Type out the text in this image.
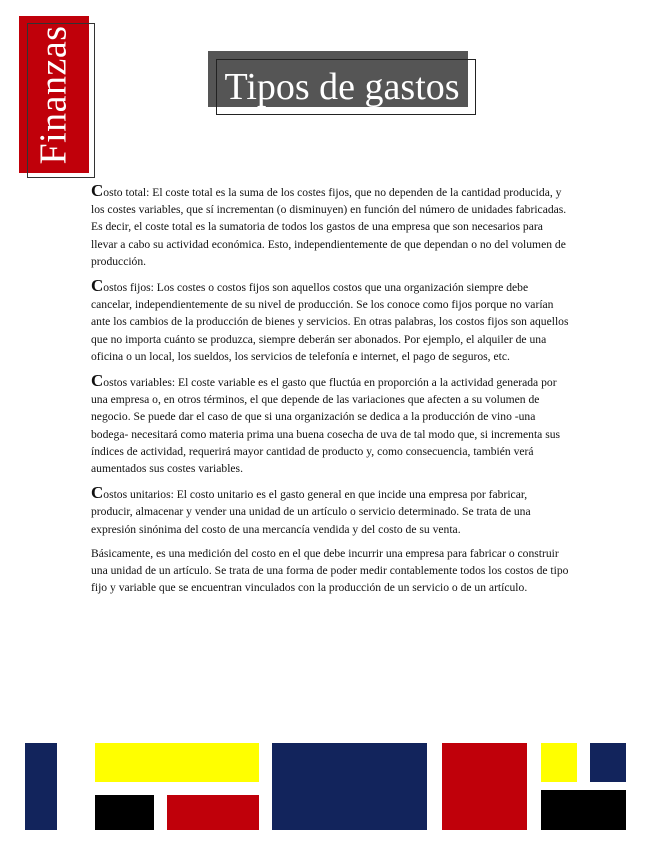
Finanzas	Tipos de gastos

Costo total: El coste total es la suma de los costes fijos, que no dependen de la cantidad producida, y los costes variables, que sí incrementan (o disminuyen) en función del número de unidades fabricadas. Es decir, el coste total es la sumatoria de todos los gastos de una empresa que son necesarios para llevar a cabo su actividad económica. Esto, independientemente de que dependan o no del volumen de producción.

Costos fijos: Los costes o costos fijos son aquellos costos que una organización siempre debe cancelar, independientemente de su nivel de producción. Se los conoce como fijos porque no varían ante los cambios de la producción de bienes y servicios. En otras palabras, los costos fijos son aquellos que no importa cuánto se produzca, siempre deberán ser abonados. Por ejemplo, el alquiler de una oficina o un local, los sueldos, los servicios de telefonía e internet, el pago de seguros, etc.

Costos variables: El coste variable es el gasto que fluctúa en proporción a la actividad generada por una empresa o, en otros términos, el que depende de las variaciones que afecten a su volumen de negocio. Se puede dar el caso de que si una organización se dedica a la producción de vino -una bodega- necesitará como materia prima una buena cosecha de uva de tal modo que, si incrementa sus índices de actividad, requerirá mayor cantidad de producto y, como consecuencia, también verá aumentados sus costes variables.

Costos unitarios: El costo unitario es el gasto general en que incide una empresa por fabricar, producir, almacenar y vender una unidad de un artículo o servicio determinado. Se trata de una expresión sinónima del costo de una mercancía vendida y del costo de su venta.

Básicamente, es una medición del costo en el que debe incurrir una empresa para fabricar o construir una unidad de un artículo. Se trata de una forma de poder medir contablemente todos los costos de tipo fijo y variable que se encuentran vinculados con la producción de un servicio o de un artículo.
